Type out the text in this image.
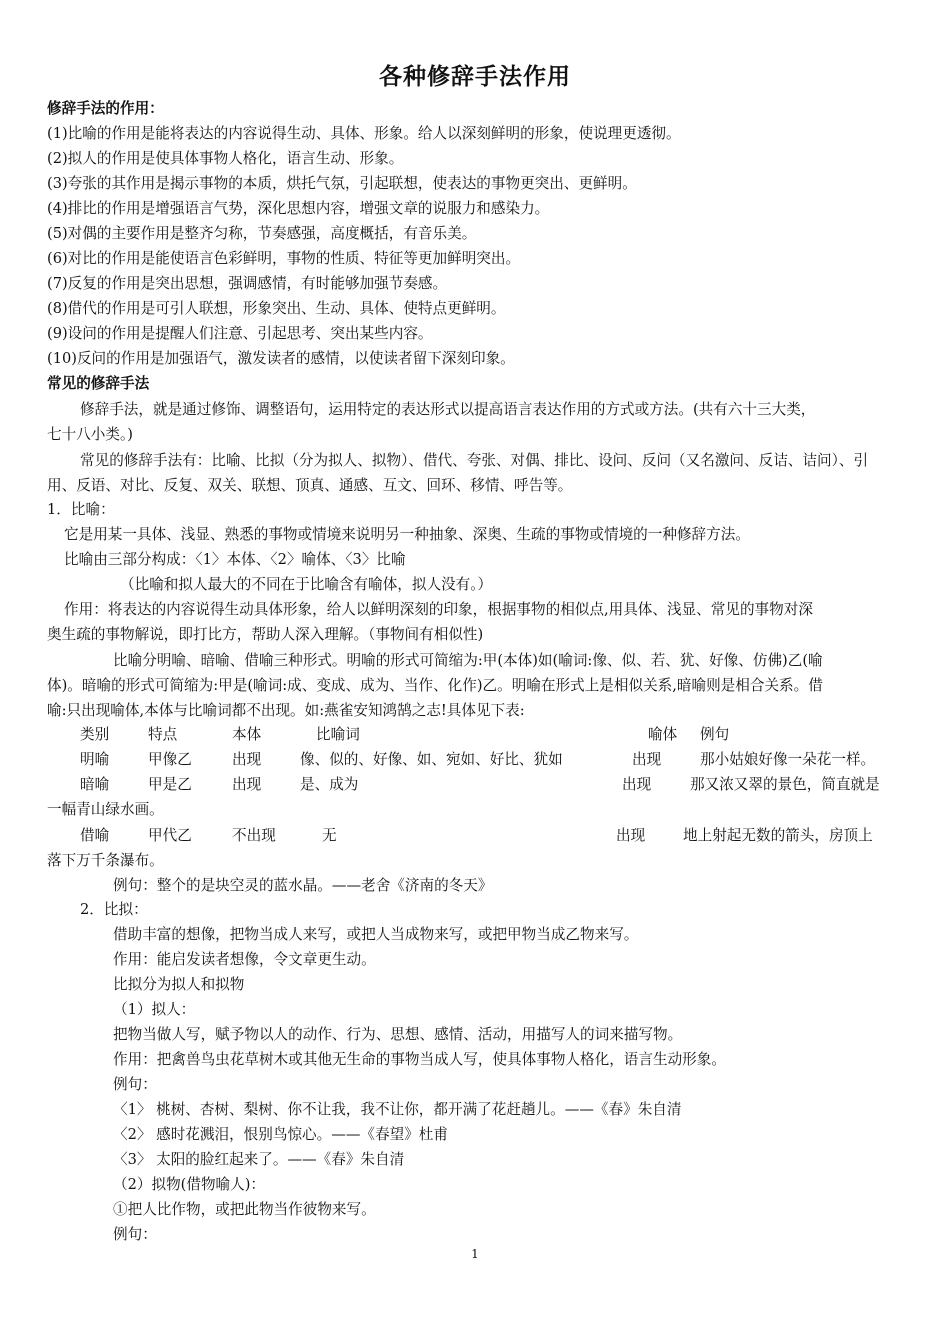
各种修辞手法作用
修辞手法的作用：
(1)比喻的作用是能将表达的内容说得生动、具体、形象。给人以深刻鲜明的形象，使说理更透彻。
(2)拟人的作用是使具体事物人格化，语言生动、形象。
(3)夸张的其作用是揭示事物的本质，烘托气氛，引起联想，使表达的事物更突出、更鲜明。
(4)排比的作用是增强语言气势，深化思想内容，增强文章的说服力和感染力。
(5)对偶的主要作用是整齐匀称，节奏感强，高度概括，有音乐美。
(6)对比的作用是能使语言色彩鲜明，事物的性质、特征等更加鲜明突出。
(7)反复的作用是突出思想，强调感情，有时能够加强节奏感。
(8)借代的作用是可引人联想，形象突出、生动、具体、使特点更鲜明。
(9)设问的作用是提醒人们注意、引起思考、突出某些内容。
(10)反问的作用是加强语气，激发读者的感情，以使读者留下深刻印象。
常见的修辞手法
修辞手法，就是通过修饰、调整语句，运用特定的表达形式以提高语言表达作用的方式或方法。(共有六十三大类，
七十八小类。)
常见的修辞手法有：比喻、比拟（分为拟人、拟物）、借代、夸张、对偶、排比、设问、反问（又名激问、反诘、诘问）、引
用、反语、对比、反复、双关、联想、顶真、通感、互文、回环、移情、呼告等。
1．比喻：
它是用某一具体、浅显、熟悉的事物或情境来说明另一种抽象、深奥、生疏的事物或情境的一种修辞方法。
比喻由三部分构成：〈1〉本体、〈2〉喻体、〈3〉比喻
（比喻和拟人最大的不同在于比喻含有喻体，拟人没有。）
作用：将表达的内容说得生动具体形象，给人以鲜明深刻的印象，根据事物的相似点,用具体、浅显、常见的事物对深
奥生疏的事物解说，即打比方，帮助人深入理解。（事物间有相似性)
比喻分明喻、暗喻、借喻三种形式。明喻的形式可简缩为:甲(本体)如(喻词:像、似、若、犹、好像、仿佛)乙(喻
体)。暗喻的形式可简缩为:甲是(喻词:成、变成、成为、当作、化作)乙。明喻在形式上是相似关系,暗喻则是相合关系。借
喻:只出现喻体,本体与比喻词都不出现。如:燕雀安知鸿鹄之志!具体见下表:
类别	特点	本体	比喻词	喻体 例句
明喻	甲像乙	出现	像、似的、好像、如、宛如、好比、犹如	出现	那小姑娘好像一朵花一样。
暗喻	甲是乙	出现	是、成为	出现	那又浓又翠的景色，简直就是
一幅青山绿水画。
借喻	甲代乙	不出现	无	出现	地上射起无数的箭头，房顶上
落下万千条瀑布。
例句：整个的是块空灵的蓝水晶。——老舍《济南的冬天》
2．比拟：
借助丰富的想像，把物当成人来写，或把人当成物来写，或把甲物当成乙物来写。
作用：能启发读者想像，令文章更生动。
比拟分为拟人和拟物
（1）拟人：
把物当做人写，赋予物以人的动作、行为、思想、感情、活动，用描写人的词来描写物。
作用：把禽兽鸟虫花草树木或其他无生命的事物当成人写，使具体事物人格化，语言生动形象。
例句：
〈1〉 桃树、杏树、梨树、你不让我，我不让你，都开满了花赶趟儿。——《春》朱自清
〈2〉 感时花溅泪，恨别鸟惊心。——《春望》杜甫
〈3〉 太阳的脸红起来了。——《春》朱自清
（2）拟物(借物喻人)：
①把人比作物，或把此物当作彼物来写。
例句：
1
